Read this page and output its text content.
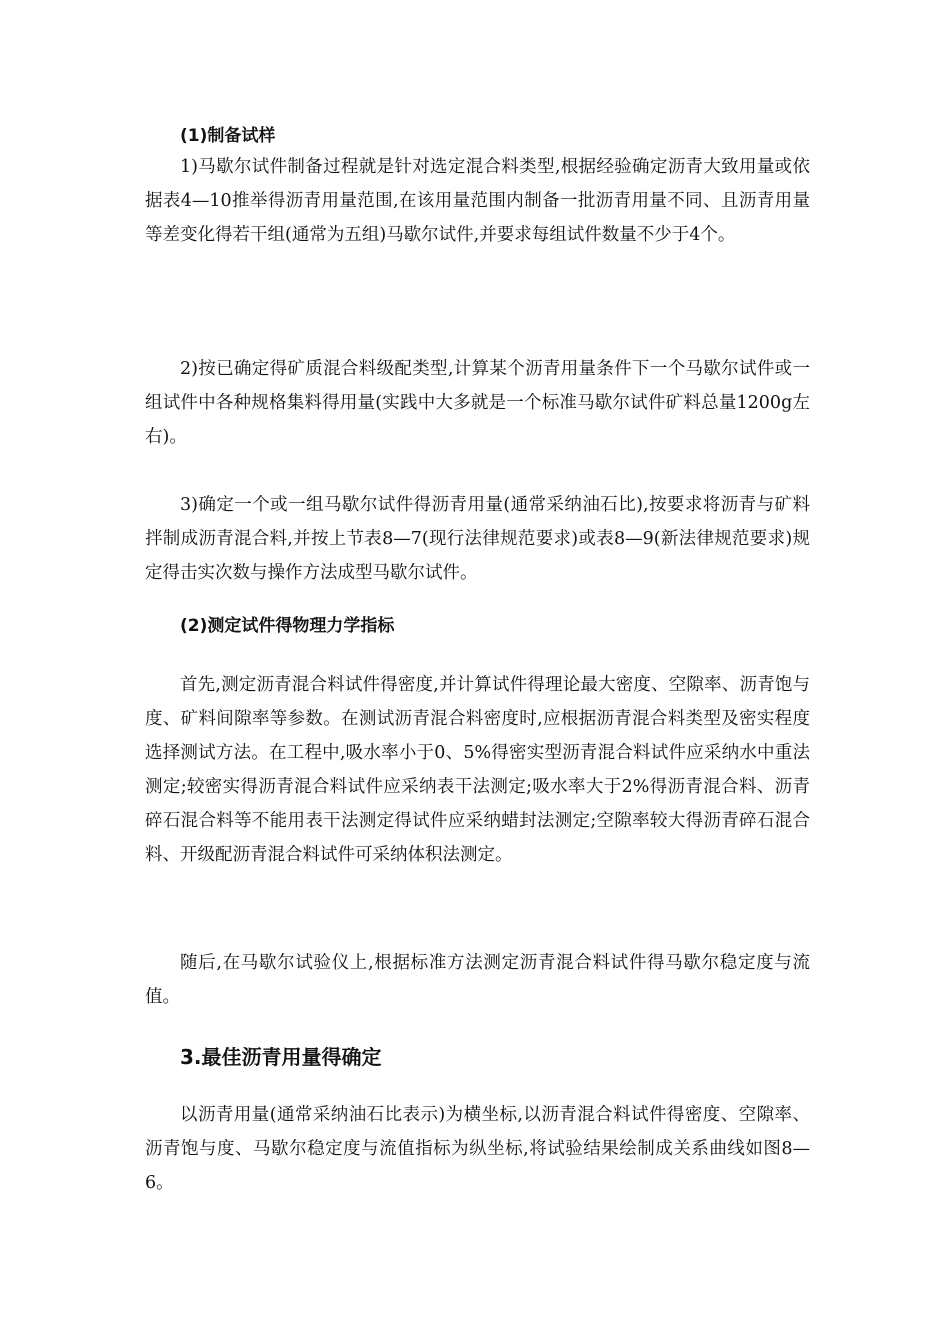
(1)制备试样

1)马歇尔试件制备过程就是针对选定混合料类型,根据经验确定沥青大致用量或依据表4—10推举得沥青用量范围,在该用量范围内制备一批沥青用量不同、且沥青用量等差变化得若干组(通常为五组)马歇尔试件,并要求每组试件数量不少于4个。

2)按已确定得矿质混合料级配类型,计算某个沥青用量条件下一个马歇尔试件或一组试件中各种规格集料得用量(实践中大多就是一个标准马歇尔试件矿料总量1200g左右)。

3)确定一个或一组马歇尔试件得沥青用量(通常采纳油石比),按要求将沥青与矿料拌制成沥青混合料,并按上节表8—7(现行法律规范要求)或表8—9(新法律规范要求)规定得击实次数与操作方法成型马歇尔试件。

(2)测定试件得物理力学指标

首先,测定沥青混合料试件得密度,并计算试件得理论最大密度、空隙率、沥青饱与度、矿料间隙率等参数。在测试沥青混合料密度时,应根据沥青混合料类型及密实程度选择测试方法。在工程中,吸水率小于0、5%得密实型沥青混合料试件应采纳水中重法测定;较密实得沥青混合料试件应采纳表干法测定;吸水率大于2%得沥青混合料、沥青碎石混合料等不能用表干法测定得试件应采纳蜡封法测定;空隙率较大得沥青碎石混合料、开级配沥青混合料试件可采纳体积法测定。

随后,在马歇尔试验仪上,根据标准方法测定沥青混合料试件得马歇尔稳定度与流值。

3.最佳沥青用量得确定

以沥青用量(通常采纳油石比表示)为横坐标,以沥青混合料试件得密度、空隙率、沥青饱与度、马歇尔稳定度与流值指标为纵坐标,将试验结果绘制成关系曲线如图8—6。
